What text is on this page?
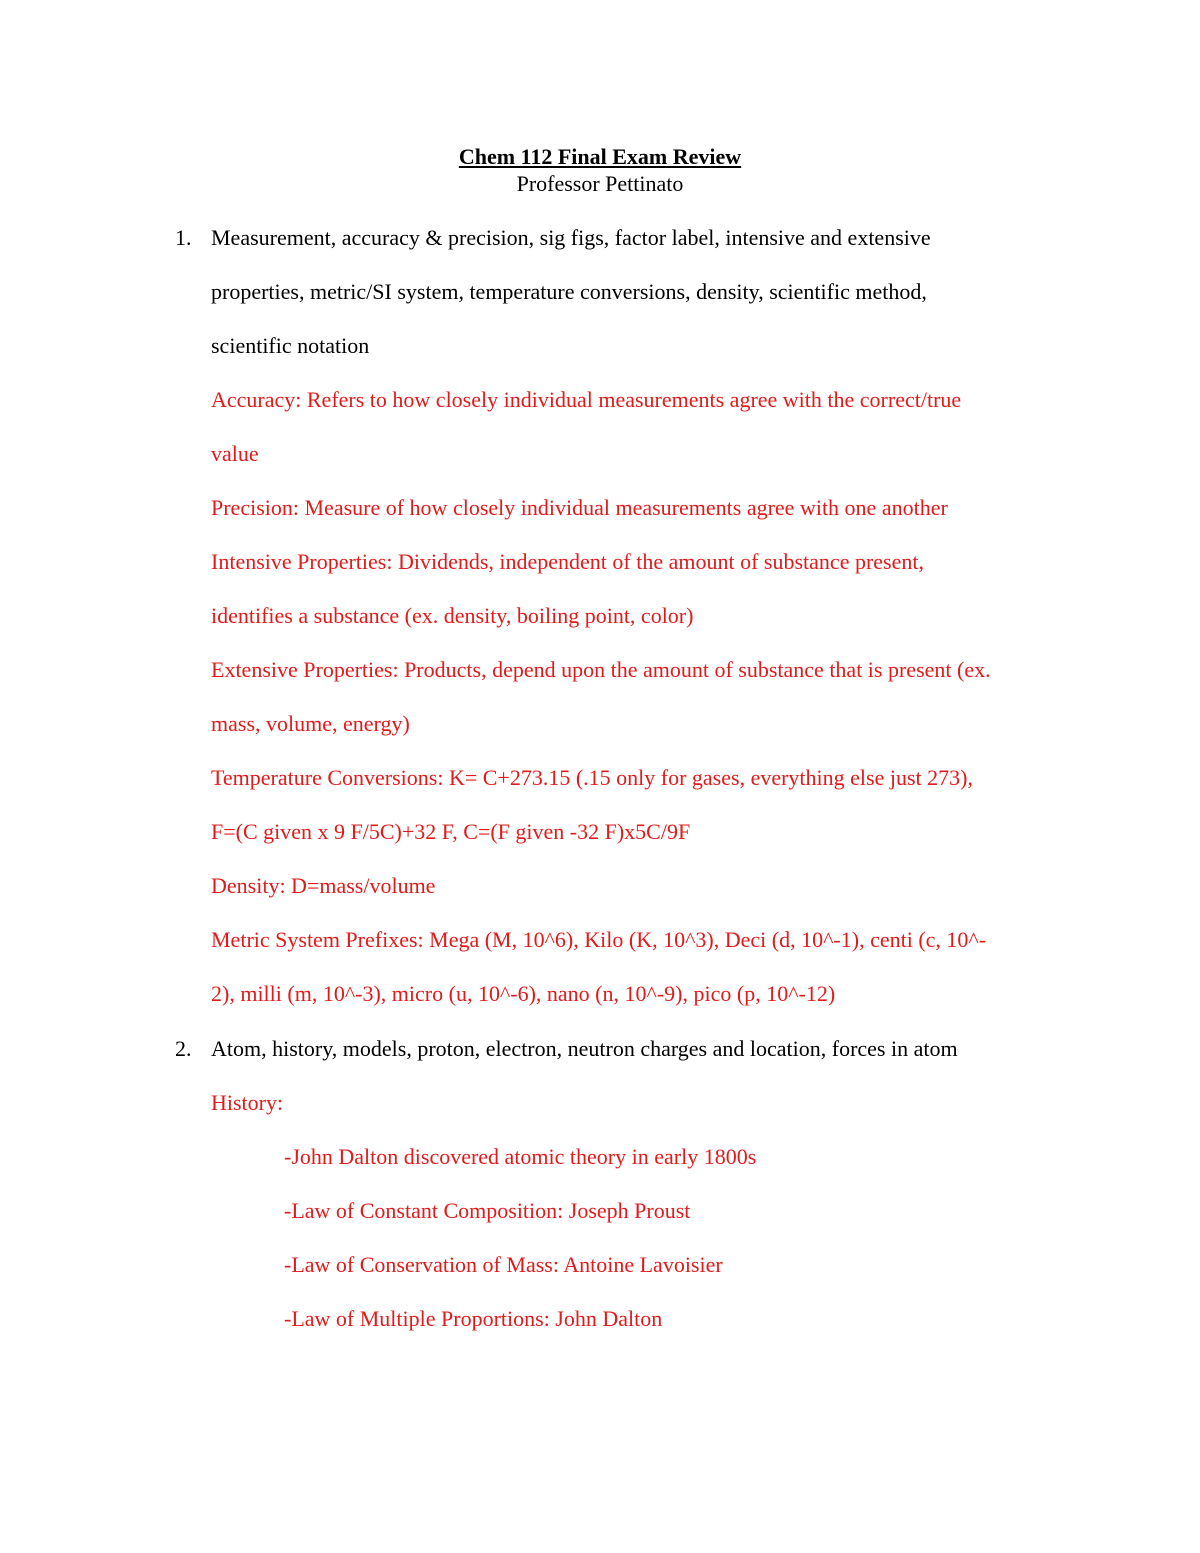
Chem 112 Final Exam Review
Professor Pettinato
1. Measurement, accuracy & precision, sig figs, factor label, intensive and extensive
properties, metric/SI system, temperature conversions, density, scientific method,
scientific notation
Accuracy: Refers to how closely individual measurements agree with the correct/true
value
Precision: Measure of how closely individual measurements agree with one another
Intensive Properties: Dividends, independent of the amount of substance present,
identifies a substance (ex. density, boiling point, color)
Extensive Properties: Products, depend upon the amount of substance that is present (ex.
mass, volume, energy)
Temperature Conversions: K= C+273.15 (.15 only for gases, everything else just 273),
F=(C given x 9 F/5C)+32 F, C=(F given -32 F)x5C/9F
Density: D=mass/volume
Metric System Prefixes: Mega (M, 10^6), Kilo (K, 10^3), Deci (d, 10^-1), centi (c, 10^-
2), milli (m, 10^-3), micro (u, 10^-6), nano (n, 10^-9), pico (p, 10^-12)
2. Atom, history, models, proton, electron, neutron charges and location, forces in atom
History:
-John Dalton discovered atomic theory in early 1800s
-Law of Constant Composition: Joseph Proust
-Law of Conservation of Mass: Antoine Lavoisier
-Law of Multiple Proportions: John Dalton
